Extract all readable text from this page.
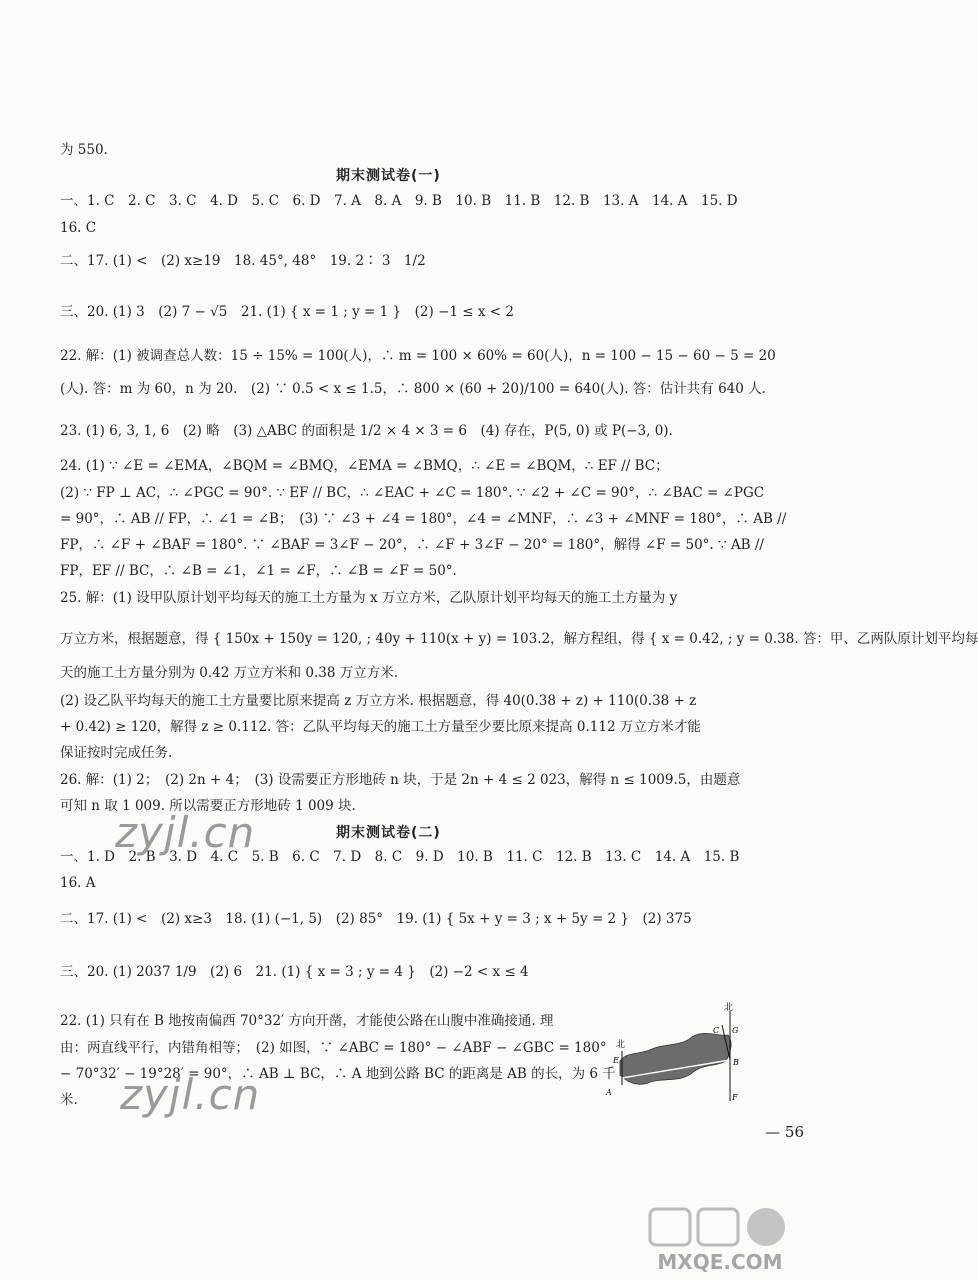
为 550.
期末测试卷(一)
一、1. C　2. C　3. C　4. D　5. C　6. D　7. A　8. A　9. B　10. B　11. B　12. B　13. A　14. A　15. D
16. C
二、17. (1) <　(2) x≥19　18. 45°, 48°　19. 2∶ 3　1/2
三、20. (1) 3　(2) 7 − √5　21. (1) { x = 1 ; y = 1 }　(2) −1 ≤ x < 2
22. 解：(1) 被调查总人数：15 ÷ 15% = 100(人)，∴ m = 100 × 60% = 60(人)，n = 100 − 15 − 60 − 5 = 20
(人). 答：m 为 60，n 为 20.　(2) ∵ 0.5 < x ≤ 1.5，∴ 800 × (60 + 20)/100 = 640(人). 答：估计共有 640 人.
23. (1) 6, 3, 1, 6　(2) 略　(3) △ABC 的面积是 1/2 × 4 × 3 = 6　(4) 存在，P(5, 0) 或 P(−3, 0).
24. (1) ∵ ∠E = ∠EMA，∠BQM = ∠BMQ，∠EMA = ∠BMQ，∴ ∠E = ∠BQM，∴ EF // BC；
(2) ∵ FP ⊥ AC，∴ ∠PGC = 90°. ∵ EF // BC，∴ ∠EAC + ∠C = 180°. ∵ ∠2 + ∠C = 90°，∴ ∠BAC = ∠PGC
= 90°，∴ AB // FP，∴ ∠1 = ∠B；　(3) ∵ ∠3 + ∠4 = 180°，∠4 = ∠MNF，∴ ∠3 + ∠MNF = 180°，∴ AB //
FP，∴ ∠F + ∠BAF = 180°. ∵ ∠BAF = 3∠F − 20°，∴ ∠F + 3∠F − 20° = 180°，解得 ∠F = 50°. ∵ AB //
FP，EF // BC，∴ ∠B = ∠1，∠1 = ∠F，∴ ∠B = ∠F = 50°.
25. 解：(1) 设甲队原计划平均每天的施工土方量为 x 万立方米，乙队原计划平均每天的施工土方量为 y
万立方米，根据题意，得 { 150x + 150y = 120, ; 40y + 110(x + y) = 103.2，解方程组，得 { x = 0.42, ; y = 0.38. 答：甲、乙两队原计划平均每
天的施工土方量分别为 0.42 万立方米和 0.38 万立方米.
(2) 设乙队平均每天的施工土方量要比原来提高 z 万立方米. 根据题意，得 40(0.38 + z) + 110(0.38 + z
+ 0.42) ≥ 120，解得 z ≥ 0.112. 答：乙队平均每天的施工土方量至少要比原来提高 0.112 万立方米才能
保证按时完成任务.
26. 解：(1) 2；　(2) 2n + 4；　(3) 设需要正方形地砖 n 块，于是 2n + 4 ≤ 2 023，解得 n ≤ 1009.5，由题意
可知 n 取 1 009. 所以需要正方形地砖 1 009 块.
期末测试卷(二)
一、1. D　2. B　3. D　4. C　5. B　6. C　7. D　8. C　9. D　10. B　11. C　12. B　13. C　14. A　15. B
16. A
二、17. (1) <　(2) x≥3　18. (1) (−1, 5)　(2) 85°　19. (1) { 5x + y = 3 ; x + 5y = 2 }　(2) 375
三、20. (1) 2037 1/9　(2) 6　21. (1) { x = 3 ; y = 4 }　(2) −2 < x ≤ 4
22. (1) 只有在 B 地按南偏西 70°32′ 方向开凿，才能使公路在山腹中准确接通. 理
由：两直线平行，内错角相等；　(2) 如图，∵ ∠ABC = 180° − ∠ABF − ∠GBC = 180°
− 70°32′ − 19°28′ = 90°，∴ AB ⊥ BC，∴ A 地到公路 BC 的距离是 AB 的长，为 6 千
米.
北
北
C G
E	B
A
F
— 56
zyjl.cn
zyjl.cn
MXQE.COM
